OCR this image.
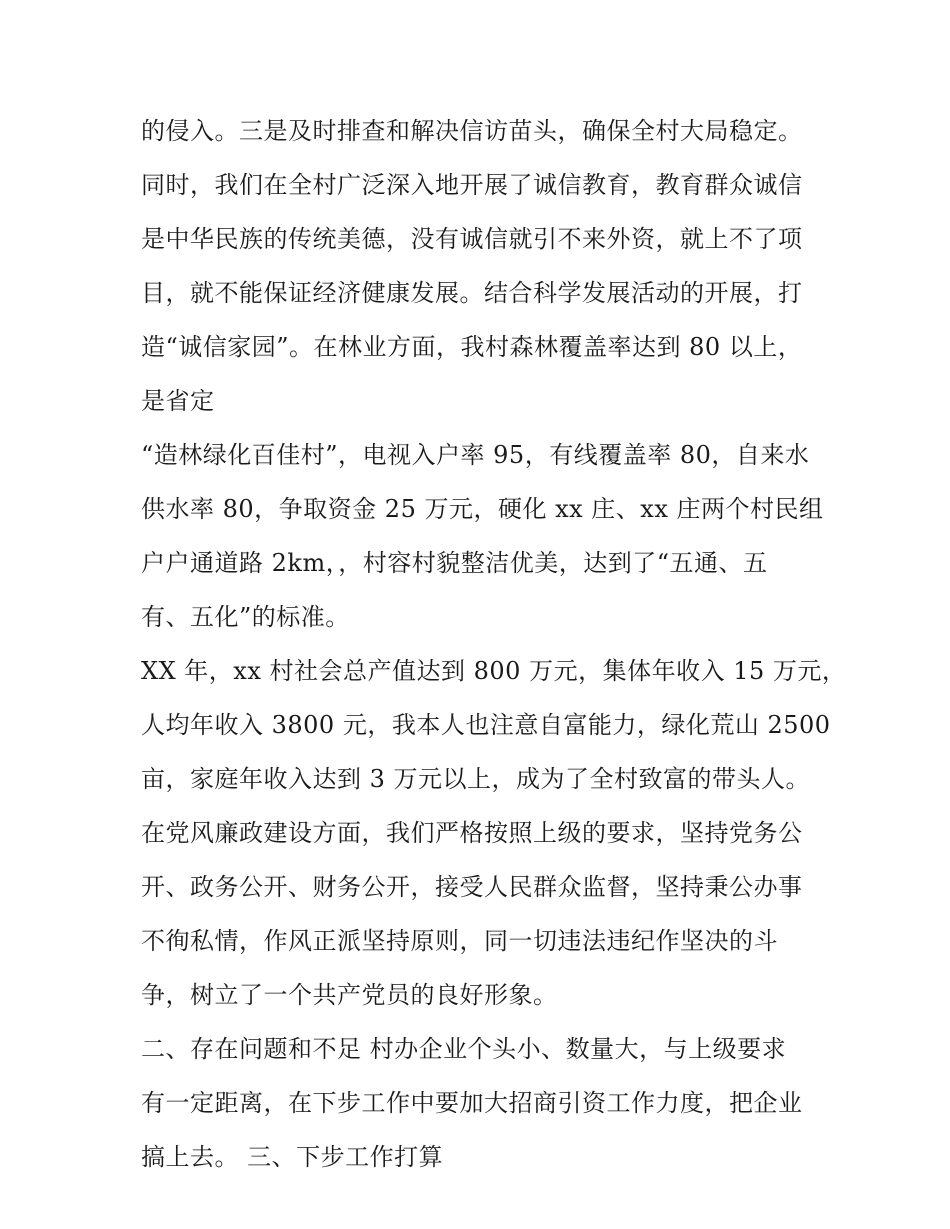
的侵入。三是及时排查和解决信访苗头，确保全村大局稳定。
同时，我们在全村广泛深入地开展了诚信教育，教育群众诚信
是中华民族的传统美德，没有诚信就引不来外资，就上不了项
目，就不能保证经济健康发展。结合科学发展活动的开展，打
造“诚信家园”。在林业方面，我村森林覆盖率达到 80 以上，
是省定
“造林绿化百佳村”，电视入户率 95，有线覆盖率 80，自来水
供水率 80，争取资金 25 万元，硬化 xx 庄、xx 庄两个村民组
户户通道路 2km，，村容村貌整洁优美，达到了“五通、五
有、五化”的标准。
XX 年，xx 村社会总产值达到 800 万元，集体年收入 15 万元，
人均年收入 3800 元，我本人也注意自富能力，绿化荒山 2500
亩，家庭年收入达到 3 万元以上，成为了全村致富的带头人。
在党风廉政建设方面，我们严格按照上级的要求，坚持党务公
开、政务公开、财务公开，接受人民群众监督，坚持秉公办事
不徇私情，作风正派坚持原则，同一切违法违纪作坚决的斗
争，树立了一个共产党员的良好形象。
二、存在问题和不足 村办企业个头小、数量大，与上级要求
有一定距离，在下步工作中要加大招商引资工作力度，把企业
搞上去。 三、下步工作打算
